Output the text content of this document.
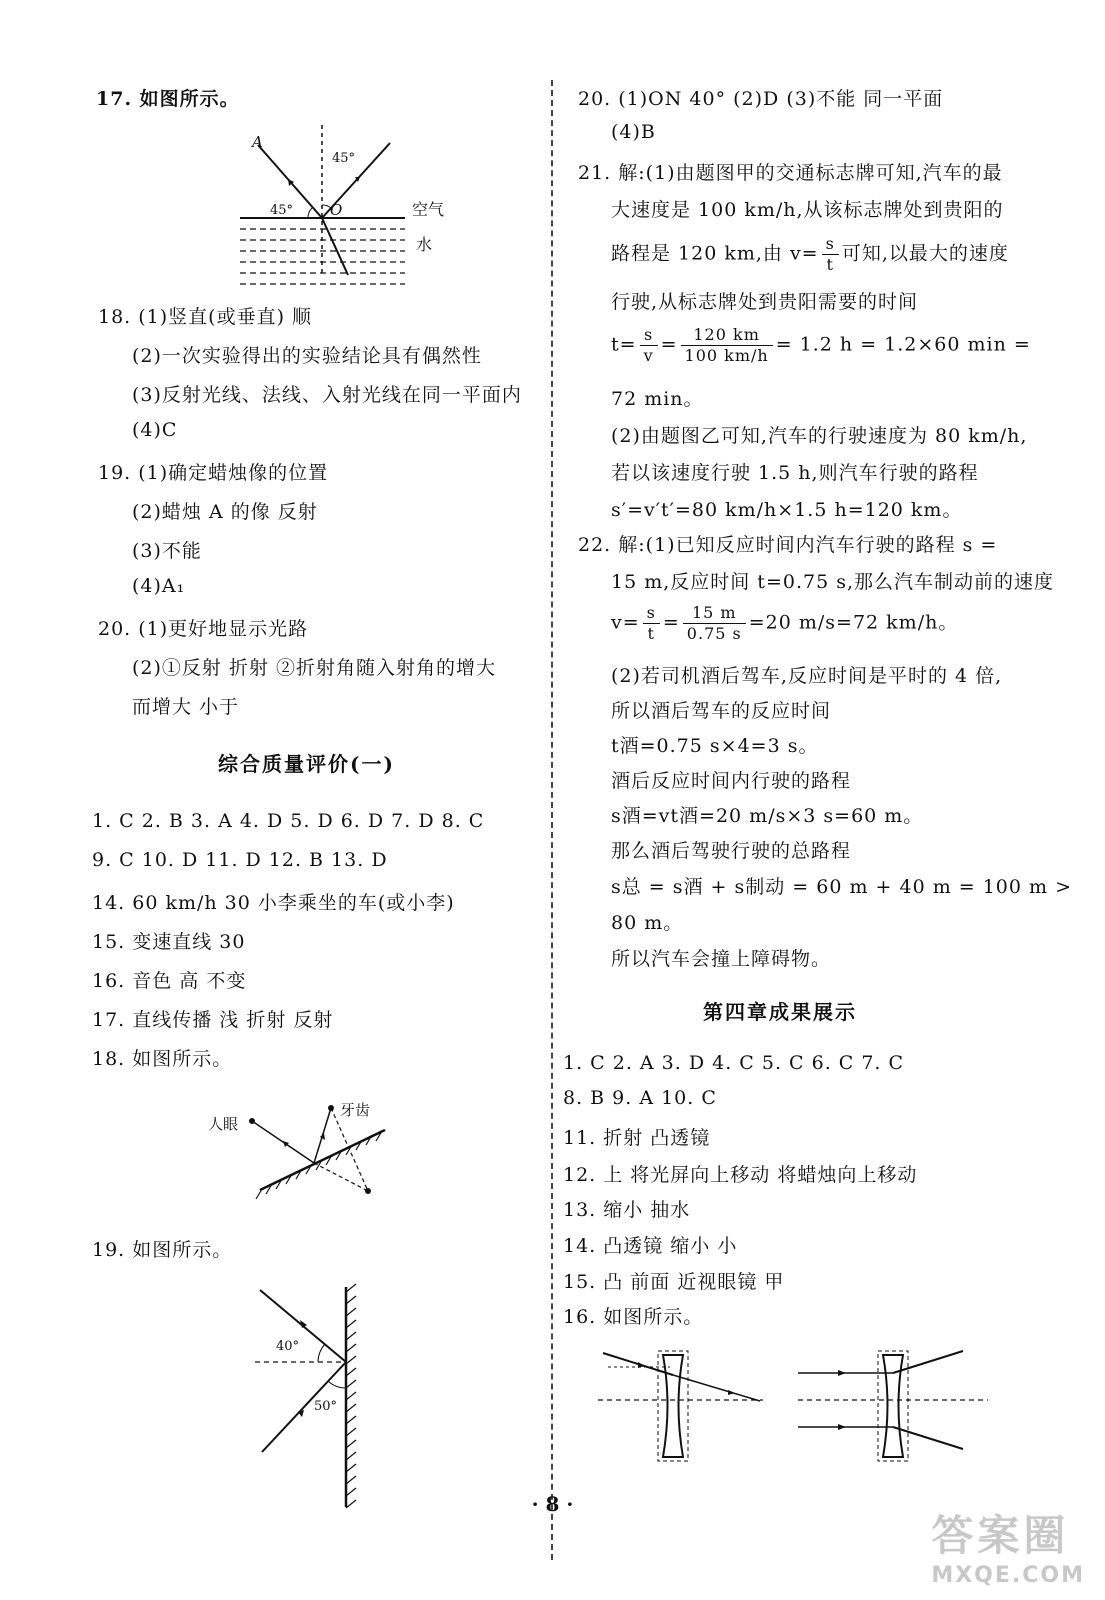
17. 如图所示。
A
O
45°
45°	空气
水
18. (1)竖直(或垂直) 顺
(2)一次实验得出的实验结论具有偶然性
(3)反射光线、法线、入射光线在同一平面内
(4)C
19. (1)确定蜡烛像的位置
(2)蜡烛 A 的像 反射
(3)不能
(4)A₁
20. (1)更好地显示光路
(2)①反射 折射 ②折射角随入射角的增大
而增大 小于
综合质量评价(一)
1. C 2. B 3. A 4. D 5. D 6. D 7. D 8. C
9. C 10. D 11. D 12. B 13. D
14. 60 km/h 30 小李乘坐的车(或小李)
15. 变速直线 30
16. 音色 高 不变
17. 直线传播 浅 折射 反射
18. 如图所示。
人眼
牙齿
19. 如图所示。
40°
50°
20. (1)ON 40° (2)D (3)不能 同一平面
(4)B
21. 解:(1)由题图甲的交通标志牌可知,汽车的最
大速度是 100 km/h,从该标志牌处到贵阳的
路程是 120 km,由 $v= \frac{s}{t}$ 可知,以最大的速度
行驶,从标志牌处到贵阳需要的时间
$t= \frac{s}{v} = \frac{120 km}{100 km/h} = 1.2$ h = 1.2×60 min =
72 min。
(2)由题图乙可知,汽车的行驶速度为 80 km/h,
若以该速度行驶 1.5 h,则汽车行驶的路程
s′=v′t′=80 km/h×1.5 h=120 km。
22. 解:(1)已知反应时间内汽车行驶的路程 s =
15 m,反应时间 t=0.75 s,那么汽车制动前的速度
$v= \frac{s}{t} = \frac{15 m}{0.75 s} =20$ m/s=72 km/h。
(2)若司机酒后驾车,反应时间是平时的 4 倍,
所以酒后驾车的反应时间
t酒=0.75 s×4=3 s。
酒后反应时间内行驶的路程
s酒=vt酒=20 m/s×3 s=60 m。
那么酒后驾驶行驶的总路程
s总 = s酒 + s制动 = 60 m + 40 m = 100 m >
80 m。
所以汽车会撞上障碍物。
第四章成果展示
1. C 2. A 3. D 4. C 5. C 6. C 7. C
8. B 9. A 10. C
11. 折射 凸透镜
12. 上 将光屏向上移动 将蜡烛向上移动
13. 缩小 抽水
14. 凸透镜 缩小 小
15. 凸 前面 近视眼镜 甲
16. 如图所示。
· 8 ·
答案圈
MXQE.COM
